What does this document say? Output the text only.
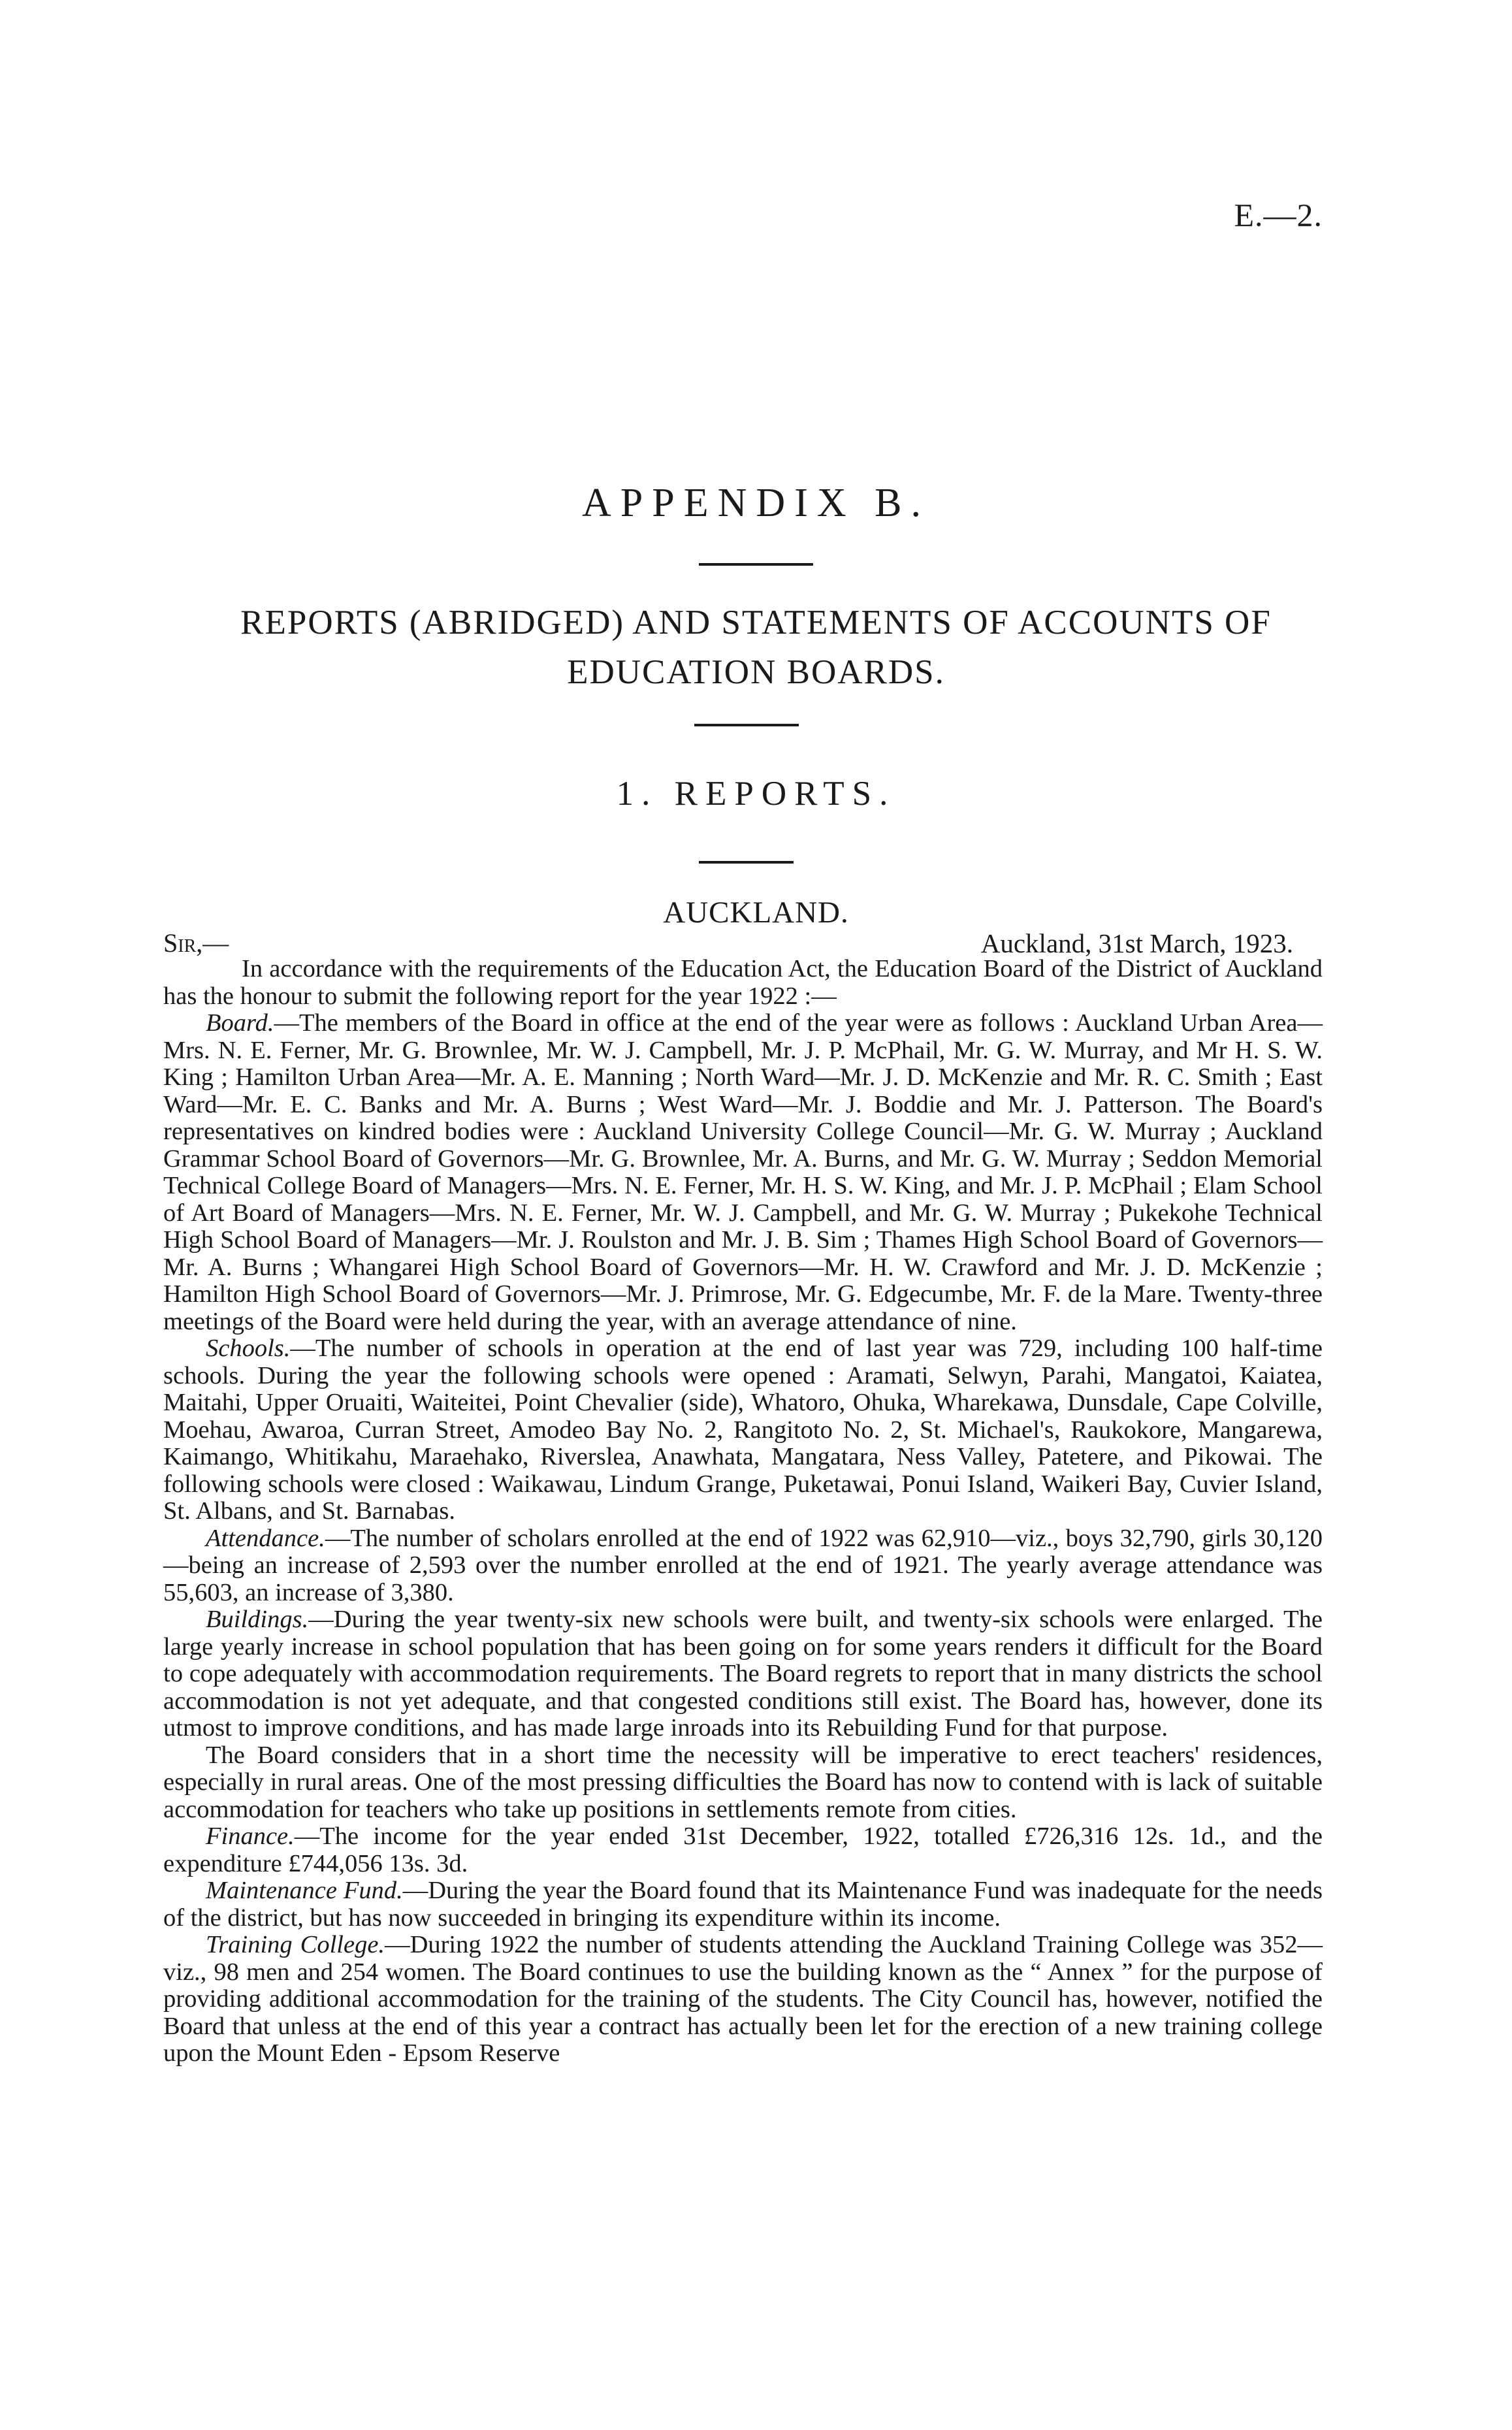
E.—2.
APPENDIX B.
REPORTS (ABRIDGED) AND STATEMENTS OF ACCOUNTS OF
EDUCATION BOARDS.
1. REPORTS.
AUCKLAND.
Sir,—	Auckland, 31st March, 1923.

In accordance with the requirements of the Education Act, the Education Board of the District of Auckland has the honour to submit the following report for the year 1922 :—

Board.—The members of the Board in office at the end of the year were as follows : Auckland Urban Area—Mrs. N. E. Ferner, Mr. G. Brownlee, Mr. W. J. Campbell, Mr. J. P. McPhail, Mr. G. W. Murray, and Mr H. S. W. King ; Hamilton Urban Area—Mr. A. E. Manning ; North Ward—Mr. J. D. McKenzie and Mr. R. C. Smith ; East Ward—Mr. E. C. Banks and Mr. A. Burns ; West Ward—Mr. J. Boddie and Mr. J. Patterson. The Board's representatives on kindred bodies were : Auckland University College Council—Mr. G. W. Murray ; Auckland Grammar School Board of Governors—Mr. G. Brownlee, Mr. A. Burns, and Mr. G. W. Murray ; Seddon Memorial Technical College Board of Managers—Mrs. N. E. Ferner, Mr. H. S. W. King, and Mr. J. P. McPhail ; Elam School of Art Board of Managers—Mrs. N. E. Ferner, Mr. W. J. Campbell, and Mr. G. W. Murray ; Pukekohe Technical High School Board of Managers—Mr. J. Roulston and Mr. J. B. Sim ; Thames High School Board of Governors—Mr. A. Burns ; Whangarei High School Board of Governors—Mr. H. W. Crawford and Mr. J. D. McKenzie ; Hamilton High School Board of Governors—Mr. J. Primrose, Mr. G. Edgecumbe, Mr. F. de la Mare. Twenty-three meetings of the Board were held during the year, with an average attendance of nine.

Schools.—The number of schools in operation at the end of last year was 729, including 100 half-time schools. During the year the following schools were opened : Aramati, Selwyn, Parahi, Mangatoi, Kaiatea, Maitahi, Upper Oruaiti, Waiteitei, Point Chevalier (side), Whatoro, Ohuka, Wharekawa, Dunsdale, Cape Colville, Moehau, Awaroa, Curran Street, Amodeo Bay No. 2, Rangitoto No. 2, St. Michael's, Raukokore, Mangarewa, Kaimango, Whitikahu, Maraehako, Riverslea, Anawhata, Mangatara, Ness Valley, Patetere, and Pikowai. The following schools were closed : Waikawau, Lindum Grange, Puketawai, Ponui Island, Waikeri Bay, Cuvier Island, St. Albans, and St. Barnabas.

Attendance.—The number of scholars enrolled at the end of 1922 was 62,910—viz., boys 32,790, girls 30,120—being an increase of 2,593 over the number enrolled at the end of 1921. The yearly average attendance was 55,603, an increase of 3,380.

Buildings.—During the year twenty-six new schools were built, and twenty-six schools were enlarged. The large yearly increase in school population that has been going on for some years renders it difficult for the Board to cope adequately with accommodation requirements. The Board regrets to report that in many districts the school accommodation is not yet adequate, and that congested conditions still exist. The Board has, however, done its utmost to improve conditions, and has made large inroads into its Rebuilding Fund for that purpose.

The Board considers that in a short time the necessity will be imperative to erect teachers' residences, especially in rural areas. One of the most pressing difficulties the Board has now to contend with is lack of suitable accommodation for teachers who take up positions in settlements remote from cities.

Finance.—The income for the year ended 31st December, 1922, totalled £726,316 12s. 1d., and the expenditure £744,056 13s. 3d.

Maintenance Fund.—During the year the Board found that its Maintenance Fund was inadequate for the needs of the district, but has now succeeded in bringing its expenditure within its income.

Training College.—During 1922 the number of students attending the Auckland Training College was 352—viz., 98 men and 254 women. The Board continues to use the building known as the “ Annex ” for the purpose of providing additional accommodation for the training of the students. The City Council has, however, notified the Board that unless at the end of this year a contract has actually been let for the erection of a new training college upon the Mount Eden - Epsom Reserve
